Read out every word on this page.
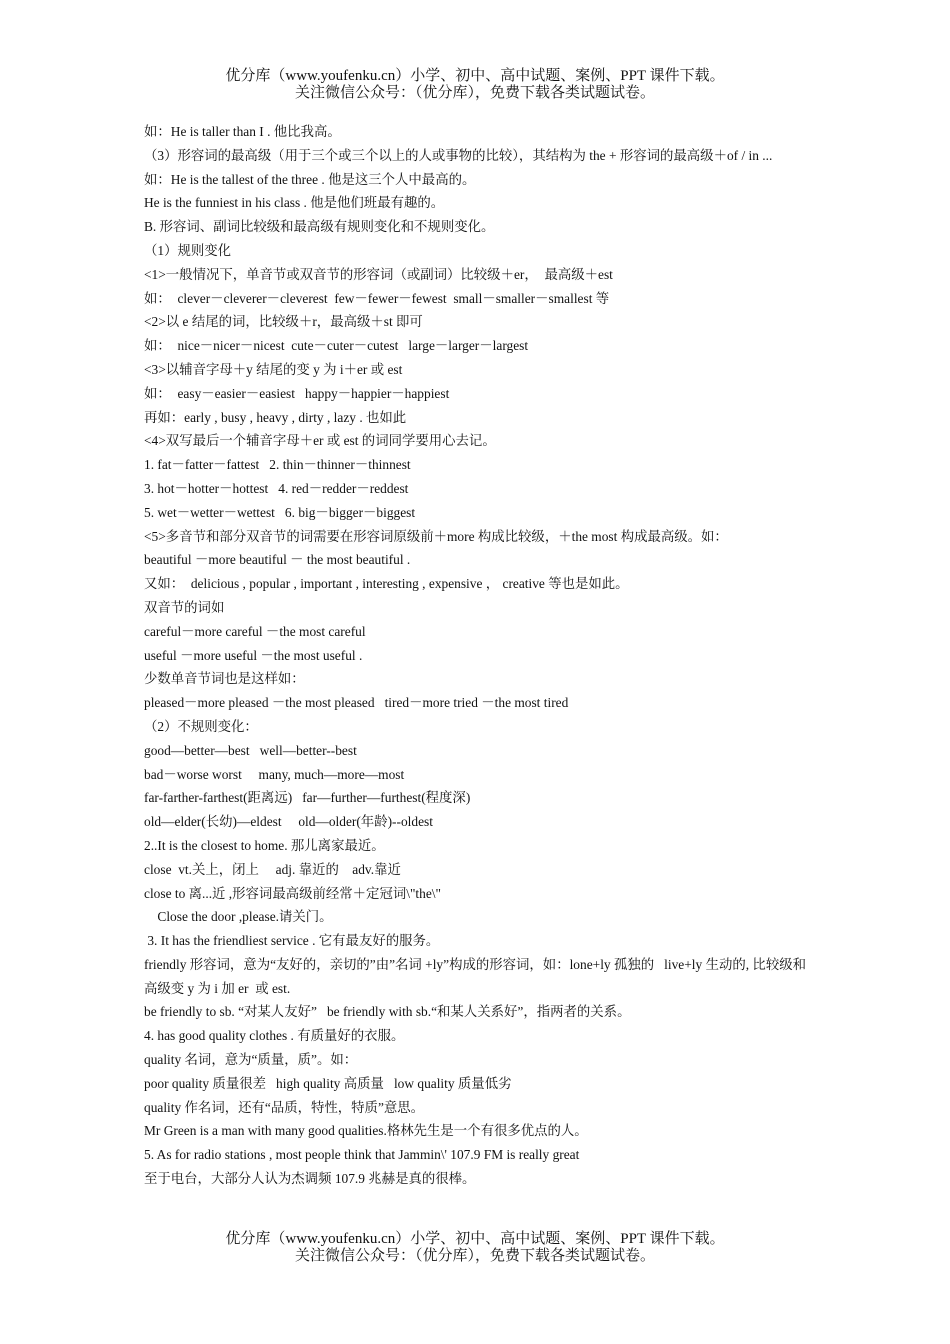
优分库（www.youfenku.cn）小学、初中、高中试题、案例、PPT 课件下载。
关注微信公众号：（优分库），免费下载各类试题试卷。

如：He is taller than I . 他比我高。

（3）形容词的最高级（用于三个或三个以上的人或事物的比较），其结构为 the + 形容词的最高级＋of / in ...

如：He is the tallest of the three . 他是这三个人中最高的。

He is the funniest in his class . 他是他们班最有趣的。

B. 形容词、副词比较级和最高级有规则变化和不规则变化。

（1）规则变化

<1>一般情况下，单音节或双音节的形容词（或副词）比较级＋er，  最高级＋est

如：  clever－cleverer－cleverest  few－fewer－fewest  small－smaller－smallest 等

<2>以 e 结尾的词，比较级＋r，最高级＋st 即可

如：  nice－nicer－nicest  cute－cuter－cutest   large－larger－largest

<3>以辅音字母＋y 结尾的变 y 为 i＋er 或 est

如：  easy－easier－easiest   happy－happier－happiest

再如：early , busy , heavy , dirty , lazy . 也如此

<4>双写最后一个辅音字母＋er 或 est 的词同学要用心去记。

1. fat－fatter－fattest   2. thin－thinner－thinnest

3. hot－hotter－hottest   4. red－redder－reddest

5. wet－wetter－wettest   6. big－bigger－biggest

<5>多音节和部分双音节的词需要在形容词原级前＋more 构成比较级，＋the most 构成最高级。如：

beautiful －more beautiful － the most beautiful .

又如：  delicious , popular , important , interesting , expensive ， creative 等也是如此。

双音节的词如

careful－more careful －the most careful

useful －more useful －the most useful .

少数单音节词也是这样如：

pleased－more pleased －the most pleased   tired－more tried －the most tired

（2）不规则变化：

good—better—best   well—better--best

bad－worse worst     many, much—more—most

far-farther-farthest(距离远)   far—further—furthest(程度深)

old—elder(长幼)—eldest     old—older(年龄)--oldest

2..It is the closest to home. 那儿离家最近。

close  vt.关上，闭上     adj. 靠近的    adv.靠近

close to 离...近 ,形容词最高级前经常＋定冠词\"the\"

Close the door ,please.请关门。

3. It has the friendliest service . 它有最友好的服务。

friendly 形容词，意为“友好的，亲切的”由”名词 +ly”构成的形容词，如：lone+ly 孤独的   live+ly 生动的, 比较级和高级变 y 为 i 加 er  或 est.

be friendly to sb. “对某人友好”   be friendly with sb.“和某人关系好”，指两者的关系。

4. has good quality clothes . 有质量好的衣服。

quality 名词，意为“质量，质”。如：

poor quality 质量很差   high quality 高质量   low quality 质量低劣

quality 作名词，还有“品质，特性，特质”意思。

Mr Green is a man with many good qualities.格林先生是一个有很多优点的人。

5. As for radio stations , most people think that Jammin\' 107.9 FM is really great

至于电台，大部分人认为杰调频 107.9 兆赫是真的很棒。

优分库（www.youfenku.cn）小学、初中、高中试题、案例、PPT 课件下载。
关注微信公众号：（优分库），免费下载各类试题试卷。
